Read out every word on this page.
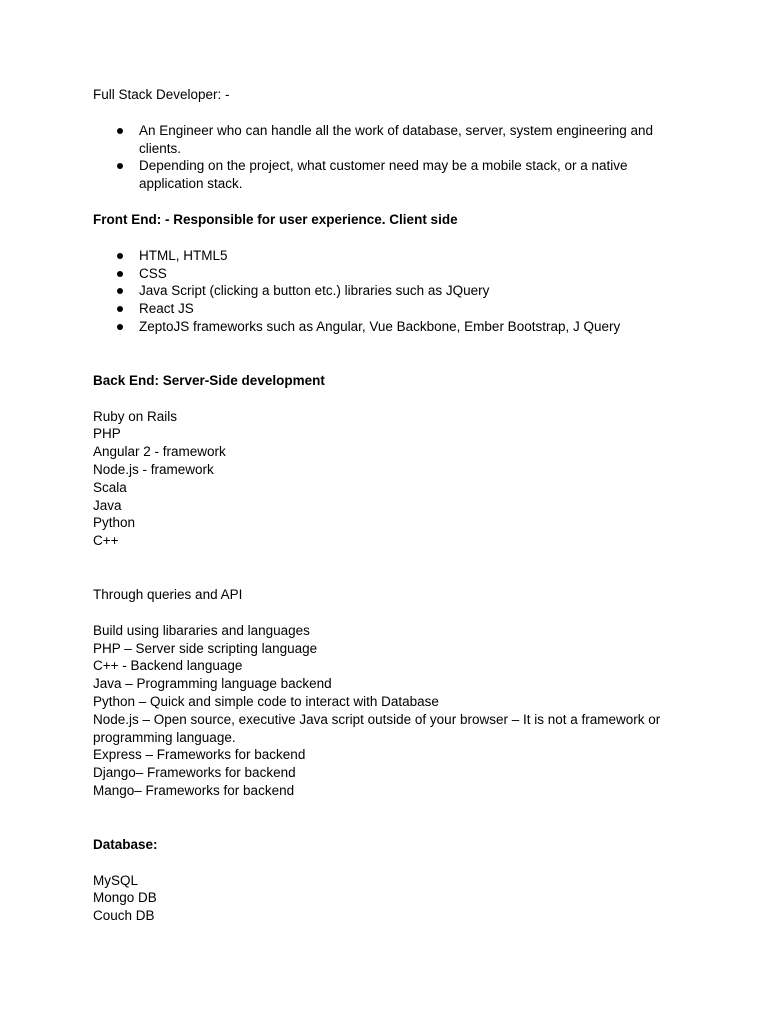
Full Stack Developer: -
An Engineer who can handle all the work of database, server, system engineering and clients.
Depending on the project, what customer need may be a mobile stack, or a native application stack.
Front End: - Responsible for user experience. Client side
HTML, HTML5
CSS
Java Script (clicking a button etc.) libraries such as JQuery
React JS
ZeptoJS frameworks such as Angular, Vue Backbone, Ember Bootstrap, J Query
Back End: Server-Side development
Ruby on Rails
PHP
Angular 2 - framework
Node.js - framework
Scala
Java
Python
C++
Through queries and API
Build using libararies and languages
PHP – Server side scripting language
C++ - Backend language
Java – Programming language backend
Python – Quick and simple code to interact with Database
Node.js – Open source, executive Java script outside of your browser – It is not a framework or programming language.
Express – Frameworks for backend
Django– Frameworks for backend
Mango– Frameworks for backend
Database:
MySQL
Mongo DB
Couch DB
